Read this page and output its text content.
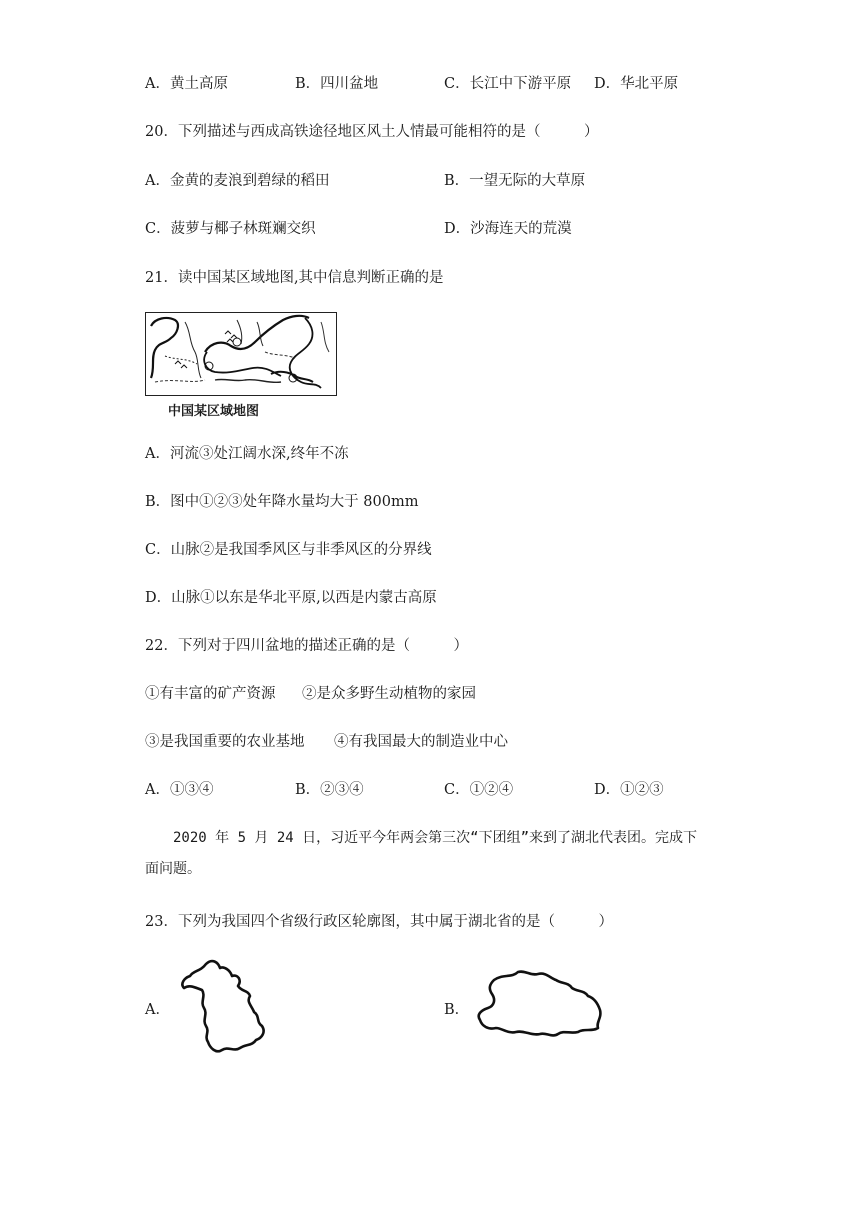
A．黄土高原	B．四川盆地	C．长江中下游平原 D．华北平原
20．下列描述与西成高铁途径地区风土人情最可能相符的是（　　　）
A．金黄的麦浪到碧绿的稻田	B．一望无际的大草原
C．菠萝与椰子林斑斓交织	D．沙海连天的荒漠
21．读中国某区域地图,其中信息判断正确的是
中国某区域地图
A．河流③处江阔水深,终年不冻
B．图中①②③处年降水量均大于 800mm
C．山脉②是我国季风区与非季风区的分界线
D．山脉①以东是华北平原,以西是内蒙古高原
22．下列对于四川盆地的描述正确的是（　　　）
①有丰富的矿产资源 ②是众多野生动植物的家园
③是我国重要的农业基地 ④有我国最大的制造业中心
A．①③④	B．②③④	C．①②④	D．①②③
2020 年 5 月 24 日，习近平今年两会第三次“下团组”来到了湖北代表团。完成下
面问题。
23．下列为我国四个省级行政区轮廓图，其中属于湖北省的是（　　　）
A．	B．
